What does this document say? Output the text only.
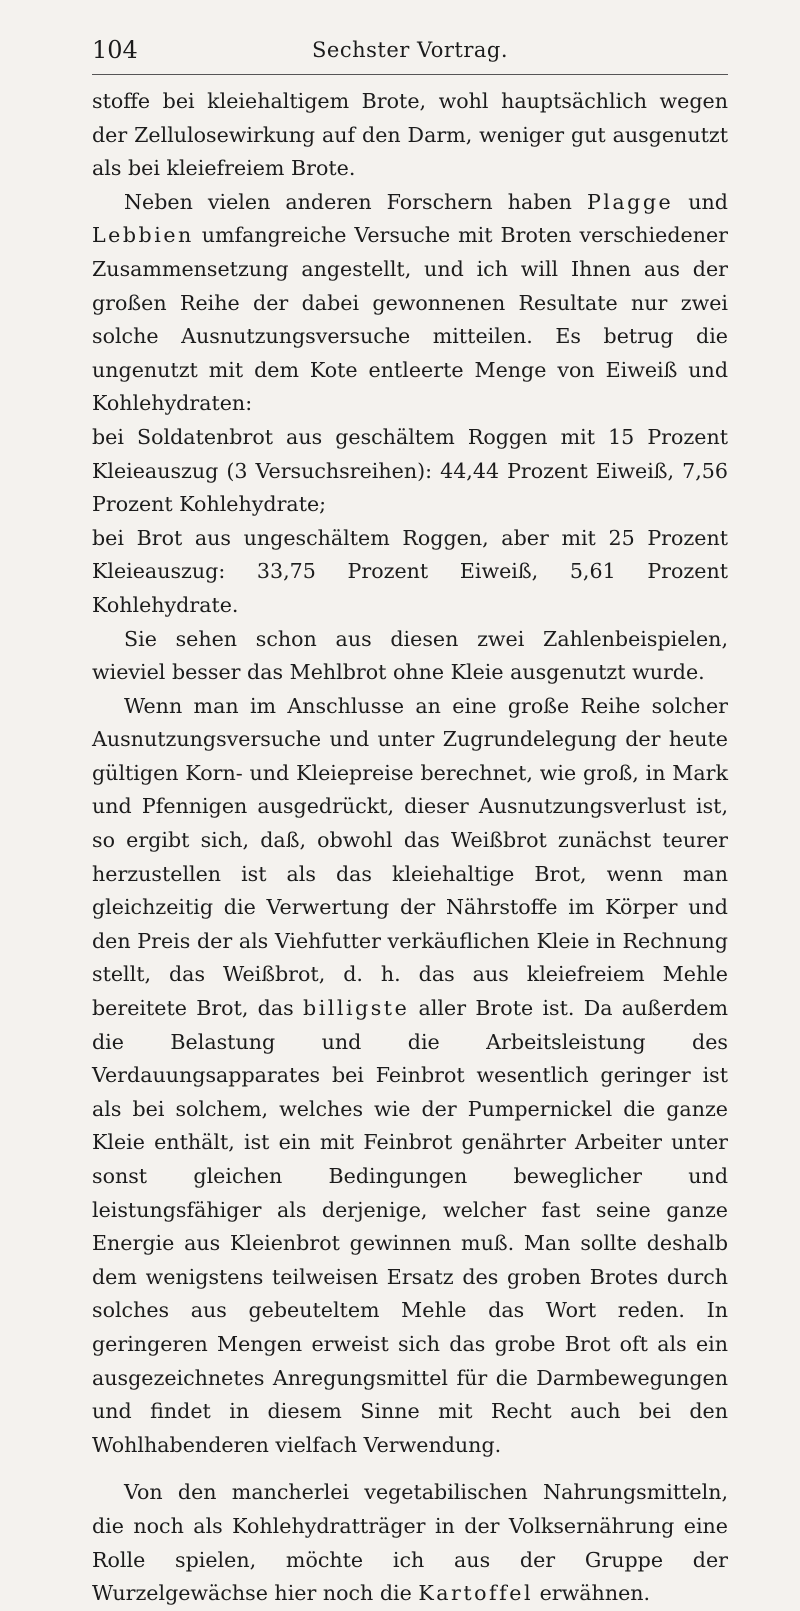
104	Sechster Vortrag.

stoffe bei kleiehaltigem Brote, wohl hauptsächlich wegen der Zellulosewirkung auf den Darm, weniger gut ausgenutzt als bei kleiefreiem Brote.

Neben vielen anderen Forschern haben Plagge und Lebbien umfangreiche Versuche mit Broten verschiedener Zusammensetzung angestellt, und ich will Ihnen aus der großen Reihe der dabei gewonnenen Resultate nur zwei solche Ausnutzungsversuche mitteilen. Es betrug die ungenutzt mit dem Kote entleerte Menge von Eiweiß und Kohlehydraten:

bei Soldatenbrot aus geschältem Roggen mit 15 Prozent Kleieauszug (3 Versuchsreihen): 44,44 Prozent Eiweiß, 7,56 Prozent Kohlehydrate;

bei Brot aus ungeschältem Roggen, aber mit 25 Prozent Kleieauszug: 33,75 Prozent Eiweiß, 5,61 Prozent Kohlehydrate.

Sie sehen schon aus diesen zwei Zahlenbeispielen, wieviel besser das Mehlbrot ohne Kleie ausgenutzt wurde.

Wenn man im Anschlusse an eine große Reihe solcher Ausnutzungsversuche und unter Zugrundelegung der heute gültigen Korn- und Kleiepreise berechnet, wie groß, in Mark und Pfennigen ausgedrückt, dieser Ausnutzungsverlust ist, so ergibt sich, daß, obwohl das Weißbrot zunächst teurer herzustellen ist als das kleiehaltige Brot, wenn man gleichzeitig die Verwertung der Nährstoffe im Körper und den Preis der als Viehfutter verkäuflichen Kleie in Rechnung stellt, das Weißbrot, d. h. das aus kleiefreiem Mehle bereitete Brot, das billigste aller Brote ist. Da außerdem die Belastung und die Arbeitsleistung des Verdauungsapparates bei Feinbrot wesentlich geringer ist als bei solchem, welches wie der Pumpernickel die ganze Kleie enthält, ist ein mit Feinbrot genährter Arbeiter unter sonst gleichen Bedingungen beweglicher und leistungsfähiger als derjenige, welcher fast seine ganze Energie aus Kleienbrot gewinnen muß. Man sollte deshalb dem wenigstens teilweisen Ersatz des groben Brotes durch solches aus gebeuteltem Mehle das Wort reden. In geringeren Mengen erweist sich das grobe Brot oft als ein ausgezeichnetes Anregungsmittel für die Darmbewegungen und findet in diesem Sinne mit Recht auch bei den Wohlhabenderen vielfach Verwendung.

Von den mancherlei vegetabilischen Nahrungsmitteln, die noch als Kohlehydratträger in der Volksernährung eine Rolle spielen, möchte ich aus der Gruppe der Wurzelgewächse hier noch die Kartoffel erwähnen.
